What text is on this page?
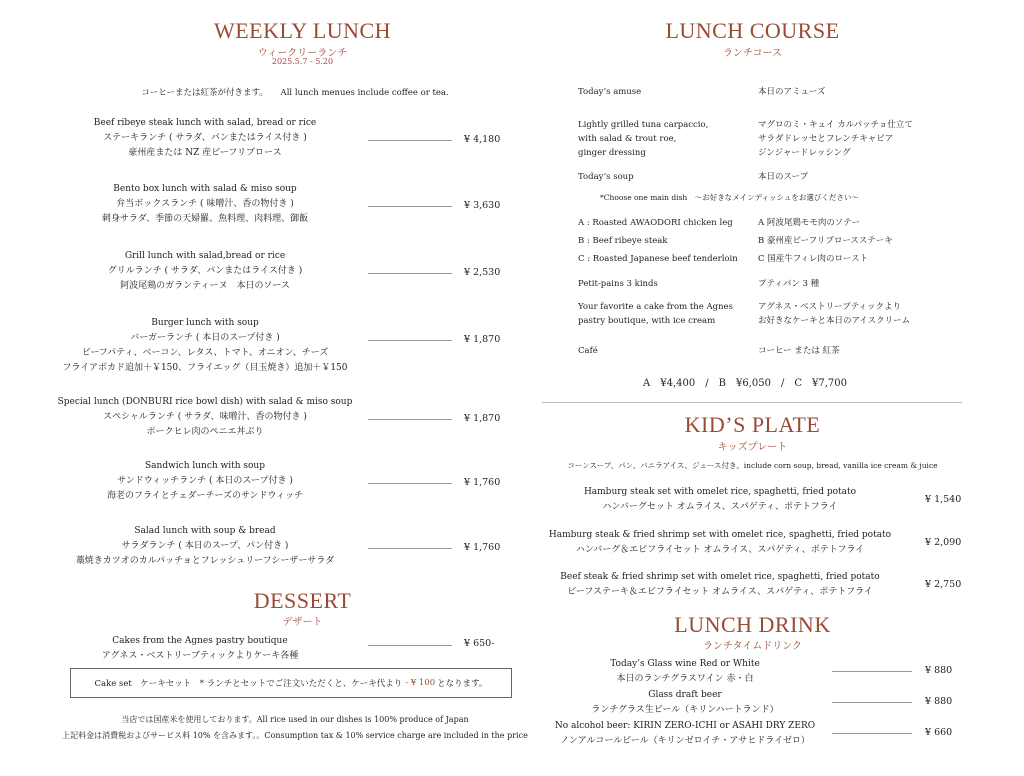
WEEKLY LUNCH
ウィークリーランチ
2025.5.7 - 5.20
コーヒーまたは紅茶が付きます。　　All lunch menues include coffee or tea.
Beef ribeye steak lunch with salad, bread or rice
ステーキランチ ( サラダ、パンまたはライス付き )
豪州産または NZ 産ビーフリブロース
¥ 4,180
Bento box lunch with salad & miso soup
弁当ボックスランチ ( 味噌汁、香の物付き )
刺身サラダ、季節の天婦羅、魚料理、肉料理、御飯
¥ 3,630
Grill lunch with salad,bread or rice
グリルランチ ( サラダ、パンまたはライス付き )
阿波尾鶏のガランティーヌ　本日のソース
¥ 2,530
Burger lunch with soup
バーガーランチ ( 本日のスープ付き )
ビーフパティ、ベーコン、レタス、トマト、オニオン、チーズ
フライアボカド追加＋￥150、フライエッグ（目玉焼き）追加＋￥150
¥ 1,870
Special lunch (DONBURI rice bowl dish) with salad & miso soup
スペシャルランチ ( サラダ、味噌汁、香の物付き )
ポークヒレ肉のペニエ丼ぶり
¥ 1,870
Sandwich lunch with soup
サンドウィッチランチ ( 本日のスープ付き )
海老のフライとチェダーチーズのサンドウィッチ
¥ 1,760
Salad lunch with soup & bread
サラダランチ ( 本日のスープ、パン付き )
藁焼きカツオのカルパッチョとフレッシュリーフシーザーサラダ
¥ 1,760
DESSERT
デザート
Cakes from the Agnes pastry boutique
アグネス・ベストリーブティックよりケーキ各種
¥ 650-
Cake set　ケーキセット　* ランチとセットでご注文いただくと、ケーキ代より - ¥ 100 となります。
当店では国産米を使用しております。All rice used in our dishes is 100% produce of Japan
上記料金は消費税およびサービス料 10% を含みます。。Consumption tax & 10% service charge are included in the price
LUNCH COURSE
ランチコース
Today’s amuse	本日のアミューズ
Lightly grilled tuna carpaccio,
with salad & trout roe,
ginger dressing
マグロのミ・キュイ カルパッチョ仕立て
サラダドレッセとフレンチキャビア
ジンジャードレッシング
Today’s soup	本日のスープ
*Choose one main dish　～お好きなメインディッシュをお選びください～
A : Roasted AWAODORI chicken leg	A 阿波尾鶏モモ肉のソテー
B : Beef ribeye steak	B 豪州産ビーフリブロースステーキ
C : Roasted Japanese beef tenderloin C 国産牛フィレ肉のロースト
Petit-pains 3 kinds	プティパン 3 種
Your favorite a cake from the Agnes
pastry boutique, with ice cream
アグネス・ベストリーブティックより
お好きなケーキと本日のアイスクリーム
Café	コーヒー または 紅茶
A　¥4,400　/　B　¥6,050　/　C　¥7,700
KID’S PLATE
キッズプレート
コーンスープ、パン、バニラアイス、ジュース付き。include corn soup, bread, vanilla ice cream & juice
Hamburg steak set with omelet rice, spaghetti, fried potato
ハンバーグセット オムライス、スパゲティ、ポテトフライ
¥ 1,540
Hamburg steak & fried shrimp set with omelet rice, spaghetti, fried potato
ハンバーグ＆エビフライセット オムライス、スパゲティ、ポテトフライ
¥ 2,090
Beef steak & fried shrimp set with omelet rice, spaghetti, fried potato
ビーフステーキ＆エビフライセット オムライス、スパゲティ、ポテトフライ
¥ 2,750
LUNCH DRINK
ランチタイムドリンク
Today’s Glass wine Red or White
本日のランチグラスワイン 赤・白
¥ 880
Glass draft beer
ランチグラス生ビール（キリンハートランド）
¥ 880
No alcohol beer: KIRIN ZERO-ICHI or ASAHI DRY ZERO
ノンアルコールビール（キリンゼロイチ・アサヒドライゼロ）
¥ 660
